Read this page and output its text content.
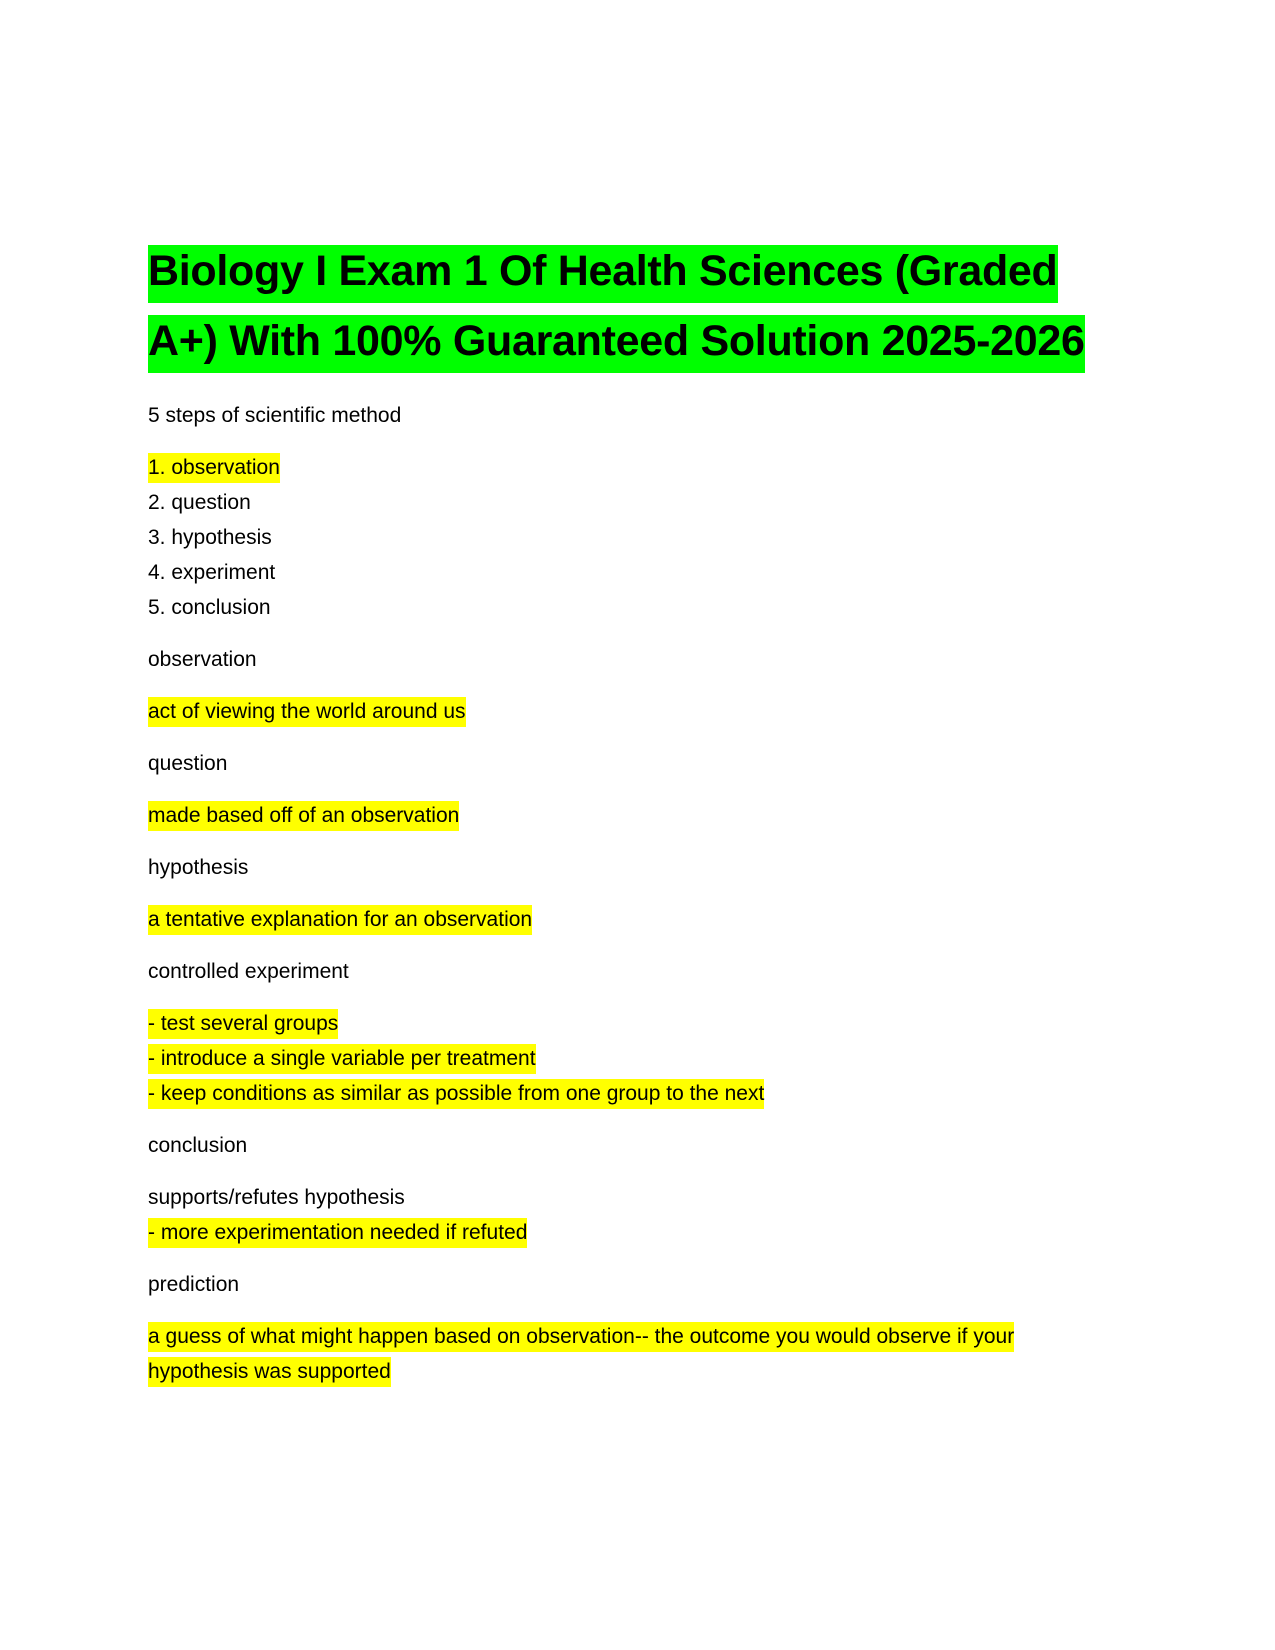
Biology I Exam 1 Of Health Sciences (Graded A+) With 100% Guaranteed Solution 2025-2026

5 steps of scientific method

1. observation

2. question

3. hypothesis

4. experiment

5. conclusion

observation

act of viewing the world around us

question

made based off of an observation

hypothesis

a tentative explanation for an observation

controlled experiment

- test several groups

- introduce a single variable per treatment

- keep conditions as similar as possible from one group to the next

conclusion

supports/refutes hypothesis

- more experimentation needed if refuted

prediction

a guess of what might happen based on observation-- the outcome you would observe if your hypothesis was supported
